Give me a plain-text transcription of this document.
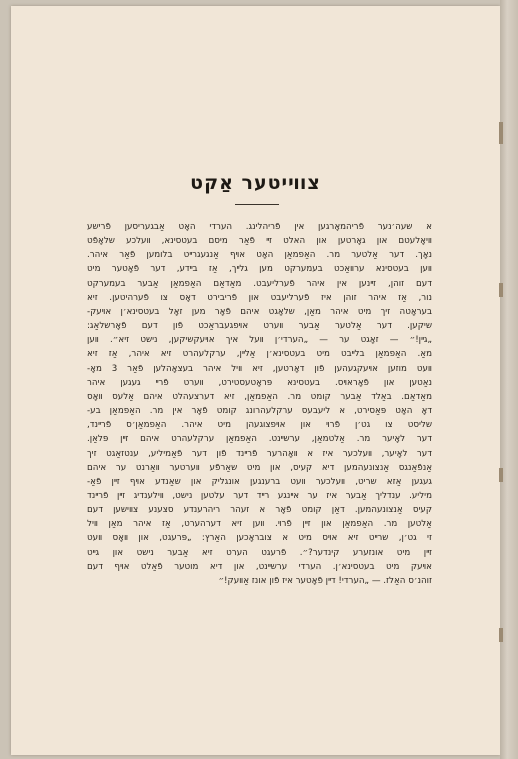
צוױיטער אַקט
א שעה׳נער פֿריהמאָרגען אין פֿריהלינג. הערדי האָט אַבגעריסען פֿרישע
װיאָלעטם און גאָרטען און האלט זײ פֿאַר מיסם בעטסינא, װעלכע שלאָפֿט
נאָך. דער אַלטער מר. האַפמאַן האָט אױף אַנגעגרײט בלומען פֿאַר איהר.
װען בעטסינא ערװאַכט בעמערקט מען גלײך, אַז בײדע, דער פֿאָטער מיט
דעם זוהן, זײנען אין איהר פֿערליעבט. מאַדאַם האַפמאַן אַבער בעמערקט
נור, אַז איהר זוהן איז פֿערליעבט און פֿריבירט דאָס צו פֿערהיטען. זיא
בעראָטה זיך מיט איהר מאַן, שלאָגט איהם פֿאָר מען זאָל בעטסינא׳ן אױעק-
שיקען. דער אַלטער אַבער װערט אױפגעבראַכט פֿון דעם פֿאָרשלאַג:
„גײן!״ — זאָגט ער — „הערדי׳ן װעל איך אױעקשיקען, נישט זיא״. װען
מאַ. האַפמאַן בלײבט מיט בעטסינא׳ן אַלײן, ערקלעהרט זיא איהר, אַז זיא
װעט מוזען אױעקגעהען פֿון דאָרטען, זיא װיל איהר בעצאָהלען פֿאַר 3 מאָ-
נאַטען און פֿאָראױס. בעטסינא פּראָטעסטירט, װערט פֿרײ געגען איהר
מאַדאַם. באַלד אַבער קומט מר. האַפמאַן, זיא דערצעהלט איהם אַלעס װאָס
דאָ האָט פּאַסירט, א ליעבעס ערקלעהרונג קומט פֿאָר אין מר. האַפמאַן בע-
שליסט צו גט׳ן פֿרױ און אױפצוגעהן מיט איהר. האַפמאַן׳ס פֿרײנד,
דער לאָיער מר. אַלטמאַן, ערשײנט. האַפמאַן ערקלעהרט איהם זײן פּלאַן.
דער לאָיער, װעלכער איז א װאָהרער פֿרײנד פֿון דער פֿאַמיליע, ענטזאַגט זיך
אַנפֿאַנגס אַנצונעהמען דיא קעיס, און מיט שאַרפֿע װערטער װאַרנט ער איהם
געגען אַזא שריט, װעלכער װעט ברענגען אונגליק און שאַנדע אױף זײן פֿאַ-
מיליע. ענדליך אַבער איז ער אײנגע רײד דער עלטען נישט, װילענדיג זײן פֿרײנד
קעיס אַנצונעהמען. דאַן קומט פֿאָר א זעהר ריהרענדע סצענע צװישען דעם
אַלטען מר. האַפמאַן און זײן פֿרױ. װען זיא דערהערט, אַז איהר מאַן װיל
זי גט׳ן, שרײט זיא אױס מיט א צובראָכען האַרץ: „פּרעגט, און װאָס װעט
זײן מיט אונזערע קינדער?״. פֿרעגט הערט זיא אַבער נישט און גײט
אױעק מיט בעטסינא׳ן. הערדי ערשײנט, און דיא מוטער פֿאַלט אױף דעם
זוהנ׳ס האַלז. — „הערדי! דײן פֿאָטער איז פֿון אונז אַװעק!״
